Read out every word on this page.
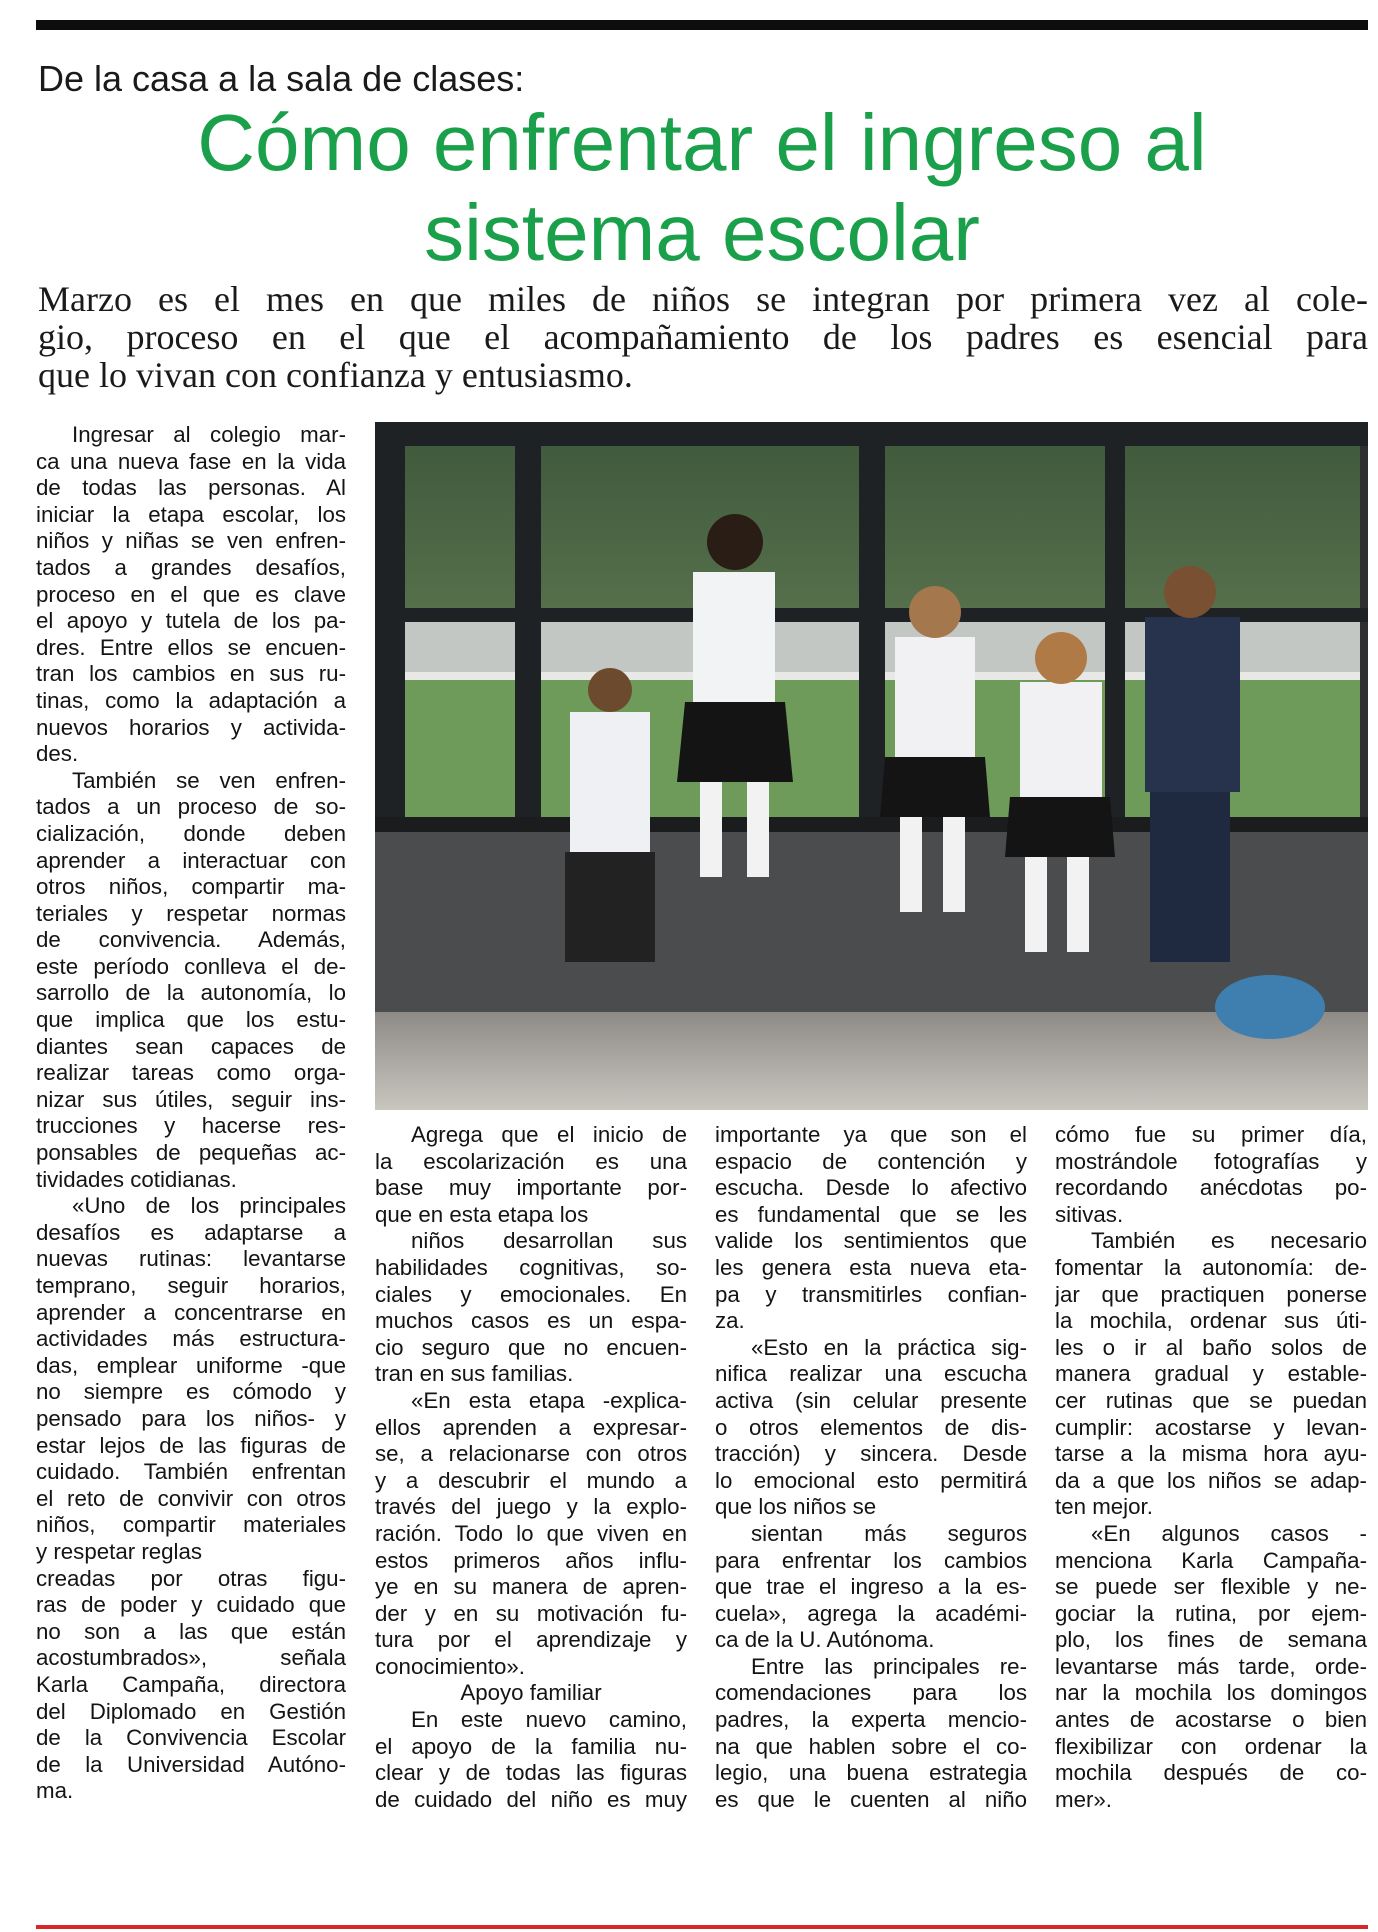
De la casa a la sala de clases:
Cómo enfrentar el ingreso al
sistema escolar
Marzo es el mes en que miles de niños se integran por primera vez al cole-
gio, proceso en el que el acompañamiento de los padres es esencial para
que lo vivan con confianza y entusiasmo.
Ingresar al colegio mar-
ca una nueva fase en la vida
de todas las personas. Al
iniciar la etapa escolar, los
niños y niñas se ven enfren-
tados a grandes desafíos,
proceso en el que es clave
el apoyo y tutela de los pa-
dres. Entre ellos se encuen-
tran los cambios en sus ru-
tinas, como la adaptación a
nuevos horarios y activida-
des.
También se ven enfren-
tados a un proceso de so-
cialización, donde deben
aprender a interactuar con
otros niños, compartir ma-
teriales y respetar normas
de convivencia. Además,
este período conlleva el de-
sarrollo de la autonomía, lo
que implica que los estu-
diantes sean capaces de
realizar tareas como orga-
nizar sus útiles, seguir ins-
trucciones y hacerse res-
ponsables de pequeñas ac-
tividades cotidianas.
«Uno de los principales
desafíos es adaptarse a
nuevas rutinas: levantarse
temprano, seguir horarios,
aprender a concentrarse en
actividades más estructura-
das, emplear uniforme -que
no siempre es cómodo y
pensado para los niños- y
estar lejos de las figuras de
cuidado. También enfrentan
el reto de convivir con otros
niños, compartir materiales
y respetar reglas
creadas por otras figu-
ras de poder y cuidado que
no son a las que están
acostumbrados», señala
Karla Campaña, directora
del Diplomado en Gestión
de la Convivencia Escolar
de la Universidad Autóno-
ma.
Agrega que el inicio de
la escolarización es una
base muy importante por-
que en esta etapa los
niños desarrollan sus
habilidades cognitivas, so-
ciales y emocionales. En
muchos casos es un espa-
cio seguro que no encuen-
tran en sus familias.
«En esta etapa -explica-
ellos aprenden a expresar-
se, a relacionarse con otros
y a descubrir el mundo a
través del juego y la explo-
ración. Todo lo que viven en
estos primeros años influ-
ye en su manera de apren-
der y en su motivación fu-
tura por el aprendizaje y
conocimiento».
Apoyo familiar
En este nuevo camino,
el apoyo de la familia nu-
clear y de todas las figuras
de cuidado del niño es muy
importante ya que son el
espacio de contención y
escucha. Desde lo afectivo
es fundamental que se les
valide los sentimientos que
les genera esta nueva eta-
pa y transmitirles confian-
za.
«Esto en la práctica sig-
nifica realizar una escucha
activa (sin celular presente
o otros elementos de dis-
tracción) y sincera. Desde
lo emocional esto permitirá
que los niños se
sientan más seguros
para enfrentar los cambios
que trae el ingreso a la es-
cuela», agrega la académi-
ca de la U. Autónoma.
Entre las principales re-
comendaciones para los
padres, la experta mencio-
na que hablen sobre el co-
legio, una buena estrategia
es que le cuenten al niño
cómo fue su primer día,
mostrándole fotografías y
recordando anécdotas po-
sitivas.
También es necesario
fomentar la autonomía: de-
jar que practiquen ponerse
la mochila, ordenar sus úti-
les o ir al baño solos de
manera gradual y estable-
cer rutinas que se puedan
cumplir: acostarse y levan-
tarse a la misma hora ayu-
da a que los niños se adap-
ten mejor.
«En algunos casos -
menciona Karla Campaña-
se puede ser flexible y ne-
gociar la rutina, por ejem-
plo, los fines de semana
levantarse más tarde, orde-
nar la mochila los domingos
antes de acostarse o bien
flexibilizar con ordenar la
mochila después de co-
mer».
